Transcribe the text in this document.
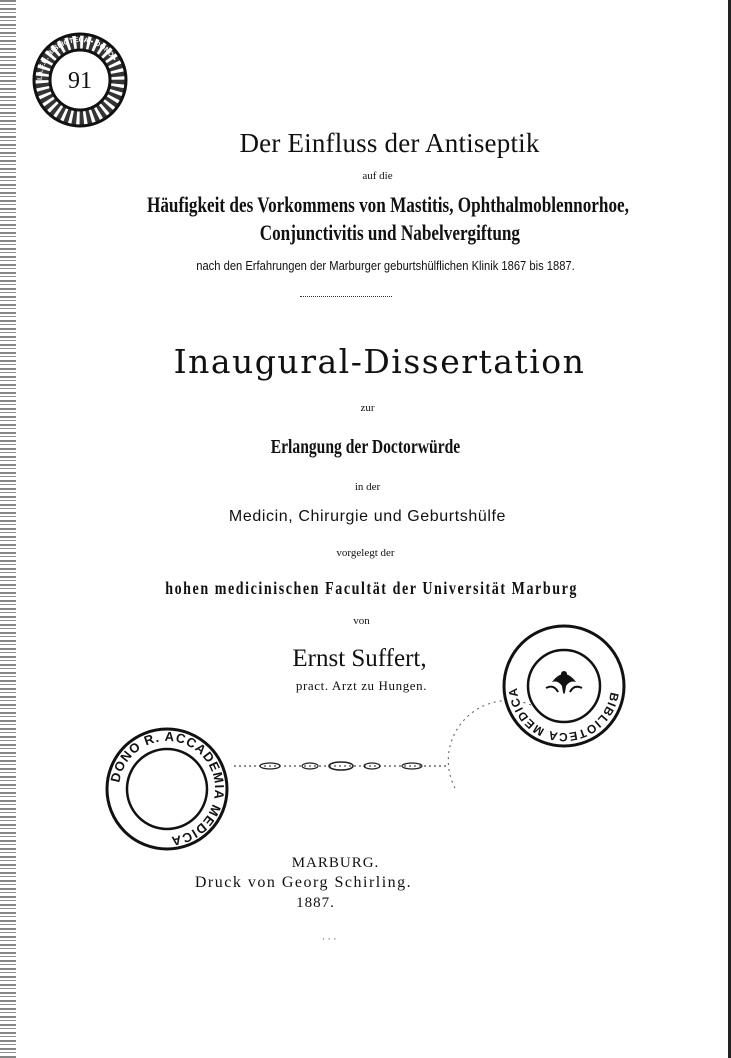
I.A.F.R. BIBLIOTECA • DONO •
91
Der Einfluss der Antiseptik
auf die
Häufigkeit des Vorkommens von Mastitis, Ophthalmoblennorhoe,
Conjunctivitis und Nabelvergiftung
nach den Erfahrungen der Marburger geburtshülflichen Klinik 1867 bis 1887.
Inaugural-Dissertation
zur
Erlangung der Doctorwürde
in der
Medicin, Chirurgie und Geburtshülfe
vorgelegt der
hohen medicinischen Facultät der Universität Marburg
von
Ernst Suffert,
pract. Arzt zu Hungen.
DONO R. ACCADEMIA MEDICA
BIBLIOTECA MEDICA
MARBURG.
Druck von Georg Schirling.
1887.
· · ·
